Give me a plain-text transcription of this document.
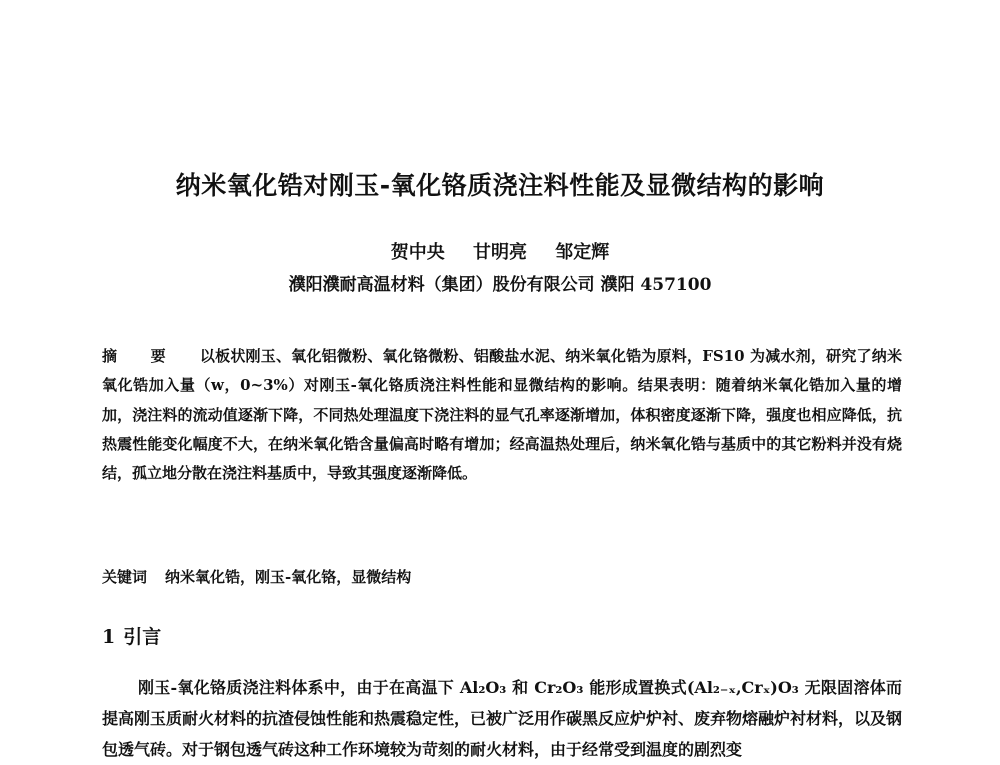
纳米氧化锆对刚玉-氧化铬质浇注料性能及显微结构的影响
贺中央 甘明亮 邹定辉
濮阳濮耐高温材料（集团）股份有限公司 濮阳 457100
摘 要 以板状刚玉、氧化铝微粉、氧化铬微粉、铝酸盐水泥、纳米氧化锆为原料，FS10 为减水剂，研究了纳米氧化锆加入量（w，0~3%）对刚玉-氧化铬质浇注料性能和显微结构的影响。结果表明：随着纳米氧化锆加入量的增加，浇注料的流动值逐渐下降，不同热处理温度下浇注料的显气孔率逐渐增加，体积密度逐渐下降，强度也相应降低，抗热震性能变化幅度不大，在纳米氧化锆含量偏高时略有增加；经高温热处理后，纳米氧化锆与基质中的其它粉料并没有烧结，孤立地分散在浇注料基质中，导致其强度逐渐降低。
关键词 纳米氧化锆，刚玉-氧化铬，显微结构
1 引言
刚玉-氧化铬质浇注料体系中，由于在高温下 Al₂O₃ 和 Cr₂O₃ 能形成置换式(Al₂₋ₓ,Crₓ)O₃ 无限固溶体而提高刚玉质耐火材料的抗渣侵蚀性能和热震稳定性，已被广泛用作碳黑反应炉炉衬、废弃物熔融炉衬材料，以及钢包透气砖。对于钢包透气砖这种工作环境较为苛刻的耐火材料，由于经常受到温度的剧烈变
